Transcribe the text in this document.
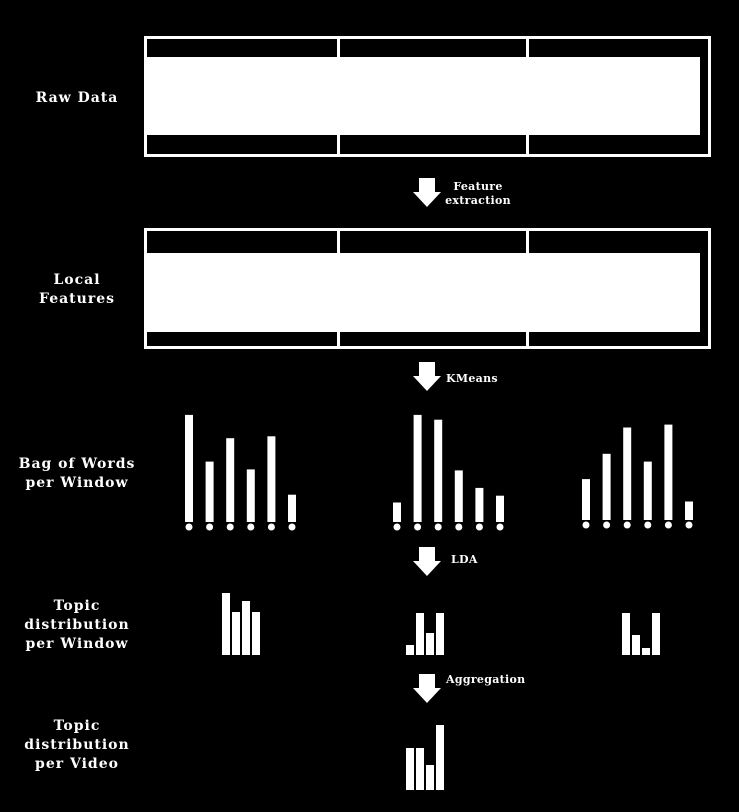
Raw Data
Local
Features
Bag of Words
per Window
Topic
distribution
per Window
Topic
distribution
per Video
Feature
extraction
KMeans
LDA
Aggregation
